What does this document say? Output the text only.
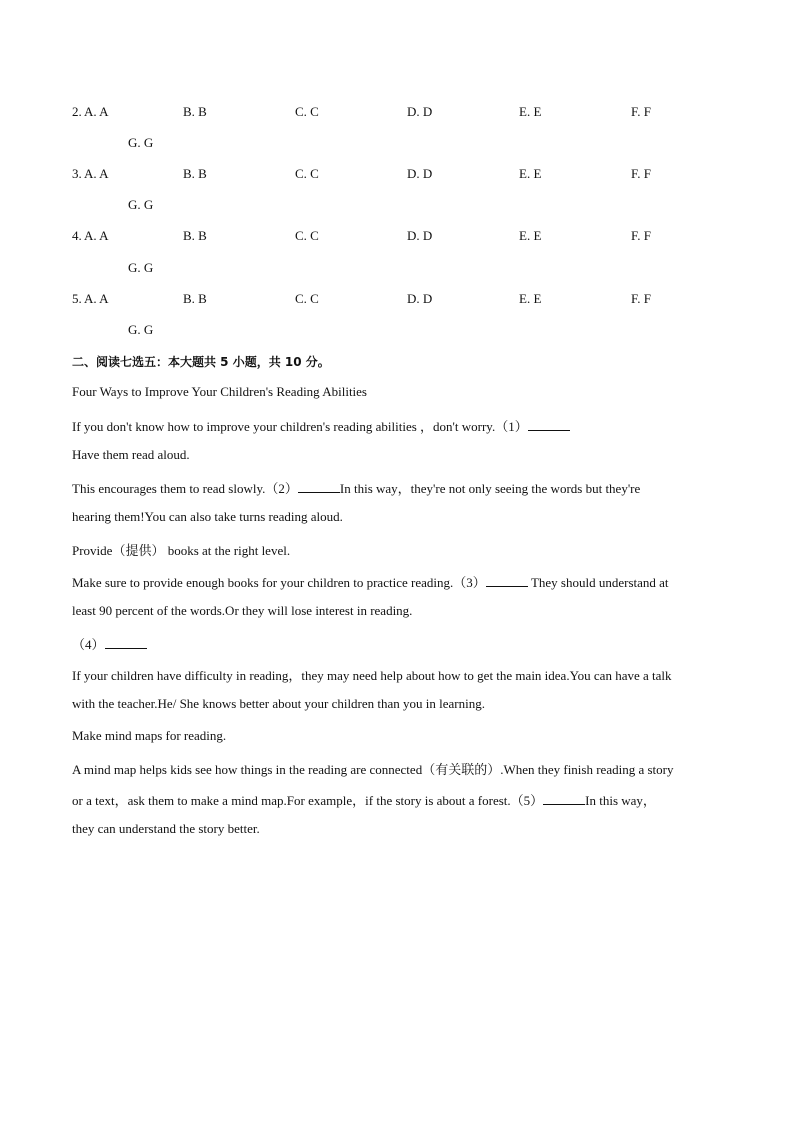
2. A. A	B. B	C. C	D. D	E. E	F. F
G. G
3. A. A	B. B	C. C	D. D	E. E	F. F
G. G
4. A. A	B. B	C. C	D. D	E. E	F. F
G. G
5. A. A	B. B	C. C	D. D	E. E	F. F
G. G
二、阅读七选五：本大题共 5 小题，共 10 分。
Four Ways to Improve Your Children's Reading Abilities
If you don't know how to improve your children's reading abilities ，don't worry.（1）
Have them read aloud.
This encourages them to read slowly.（2）	In this way，they're not only seeing the words but they're
hearing them!You can also take turns reading aloud.
Provide（提供） books at the right level.
Make sure to provide enough books for your children to practice reading.（3）	They should understand at
least 90 percent of the words.Or they will lose interest in reading.
（4）
If your children have difficulty in reading，they may need help about how to get the main idea.You can have a talk
with the teacher.He/ She knows better about your children than you in learning.
Make mind maps for reading.
A mind map helps kids see how things in the reading are connected（有关联的）.When they finish reading a story
or a text，ask them to make a mind map.For example，if the story is about a forest.（5）	In this way，
they can understand the story better.
